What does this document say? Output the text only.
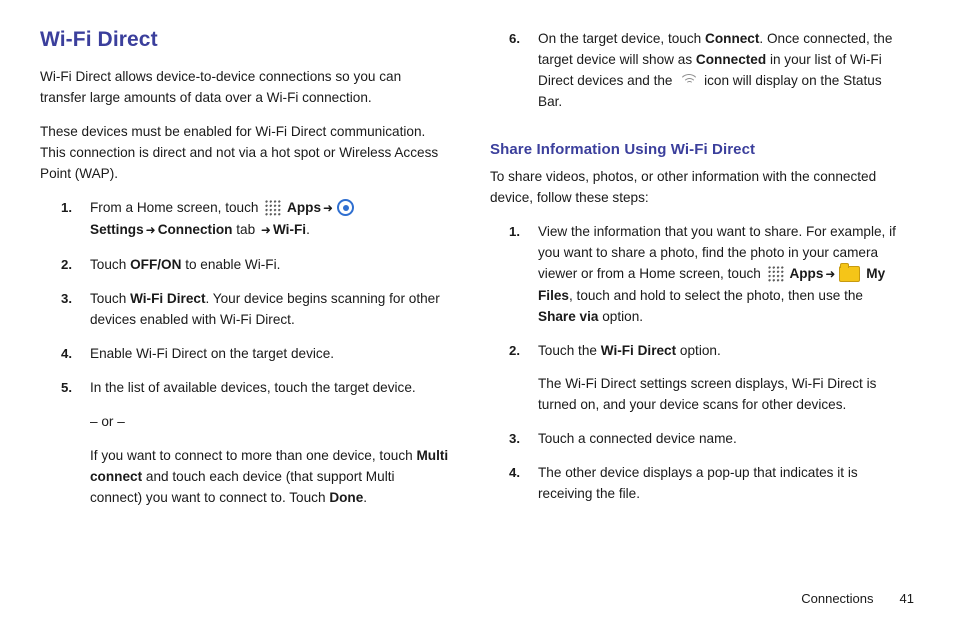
Wi-Fi Direct

Wi-Fi Direct allows device-to-device connections so you can transfer large amounts of data over a Wi-Fi connection.

These devices must be enabled for Wi-Fi Direct communication. This connection is direct and not via a hot spot or Wireless Access Point (WAP).

1. From a Home screen, touch  Apps ➜ Settings ➜ Connection tab ➜ Wi-Fi.
2. Touch OFF/ON to enable Wi-Fi.
3. Touch Wi-Fi Direct. Your device begins scanning for other devices enabled with Wi-Fi Direct.
4. Enable Wi-Fi Direct on the target device.
5. In the list of available devices, touch the target device.

– or –

If you want to connect to more than one device, touch Multi connect and touch each device (that support Multi connect) you want to connect to. Touch Done.

6. On the target device, touch Connect. Once connected, the target device will show as Connected in your list of Wi-Fi Direct devices and the
icon will display on the Status Bar.
Share Information Using Wi-Fi Direct

To share videos, photos, or other information with the connected device, follow these steps:

1. View the information that you want to share. For example, if you want to share a photo, find the photo in your camera viewer or from a Home screen, touch  Apps ➜ My Files, touch and hold to select the photo, then use the Share via option.
2. Touch the Wi-Fi Direct option.

The Wi-Fi Direct settings screen displays, Wi-Fi Direct is turned on, and your device scans for other devices.

3. Touch a connected device name.
4. The other device displays a pop-up that indicates it is receiving the file.
Connections 41
